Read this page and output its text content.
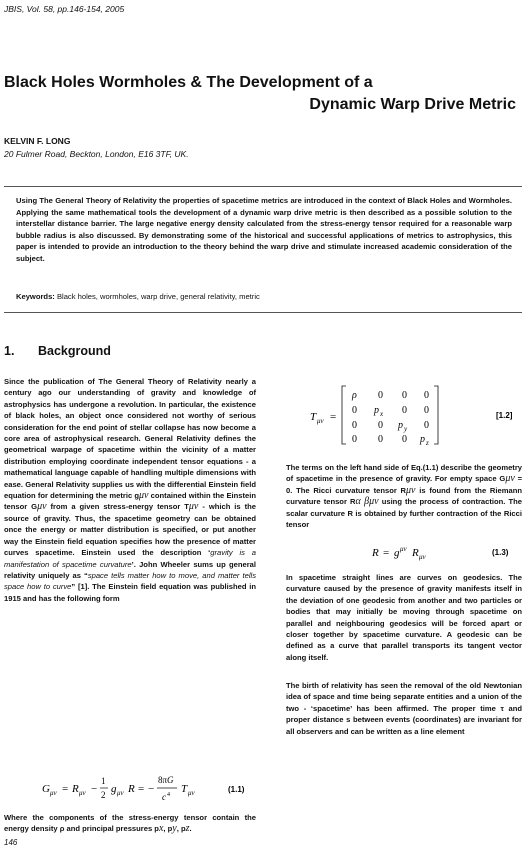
JBIS, Vol. 58, pp.146-154, 2005
Black Holes Wormholes & The Development of a
Dynamic Warp Drive Metric
KELVIN F. LONG
20 Fulmer Road, Beckton, London, E16 3TF, UK.
Using The General Theory of Relativity the properties of spacetime metrics are introduced in the context of Black Holes and Wormholes. Applying the same mathematical tools the development of a dynamic warp drive metric is then described as a possible solution to the interstellar distance barrier. The large negative energy density calculated from the stress-energy tensor required for a reasonable warp bubble radius is also discussed. By demonstrating some of the historical and successful applications of metrics to astrophysics, this paper is intended to provide an introduction to the theory behind the warp drive and stimulate increased academic consideration of the subject.
Keywords: Black holes, wormholes, warp drive, general relativity, metric
1. Background
Since the publication of The General Theory of Relativity nearly a century ago our understanding of gravity and knowledge of astrophysics has undergone a revolution. In particular, the existence of black holes, an object once considered not worthy of serious consideration for the end point of stellar collapse has now become a core area of astrophysical research. General Relativity defines the geometrical warpage of spacetime within the vicinity of a matter distribution employing coordinate independent tensor equations - a mathematical language capable of handling multiple dimensions with ease. General Relativity supplies us with the differential Einstein field equation for determining the metric gμν contained within the Einstein tensor Gμν from a given stress-energy tensor Tμν - which is the source of gravity. Thus, the spacetime geometry can be obtained once the energy or matter distribution is specified, or put another way the Einstein field equation specifies how the presence of matter curves spacetime. Einstein used the description ‘gravity is a manifestation of spacetime curvature’. John Wheeler sums up general relativity uniquely as “space tells matter how to move, and matter tells space how to curve” [1]. The Einstein field equation was published in 1915 and has the following form
G μν = R μν −
1
2 g μν R = −
8πG
c 4 T μν	(1.1)
Where the components of the stress-energy tensor contain the energy density ρ and principal pressures px, py, pz.
T μν =
ρ 0 0 0
0 p x 0 0
0 0 p y 0
0 0 0 p z
[1.2]
The terms on the left hand side of Eq.(1.1) describe the geometry of spacetime in the presence of gravity. For empty space Gμν = 0. The Ricci curvature tensor Rμν is found from the Riemann curvature tensor Rα βμν using the process of contraction. The scalar curvature R is obtained by further contraction of the Ricci tensor
R = g μν R μν	(1.3)
In spacetime straight lines are curves on geodesics. The curvature caused by the presence of gravity manifests itself in the deviation of one geodesic from another and two particles or bodies that may initially be moving through spacetime on parallel and neighbouring geodesics will be forced apart or closer together by spacetime curvature. A geodesic can be defined as a curve that parallel transports its tangent vector along itself.
The birth of relativity has seen the removal of the old Newtonian idea of space and time being separate entities and a union of the two - ‘spacetime’ has been affirmed. The proper time τ and proper distance s between events (coordinates) are invariant for all observers and can be written as a line element
146
